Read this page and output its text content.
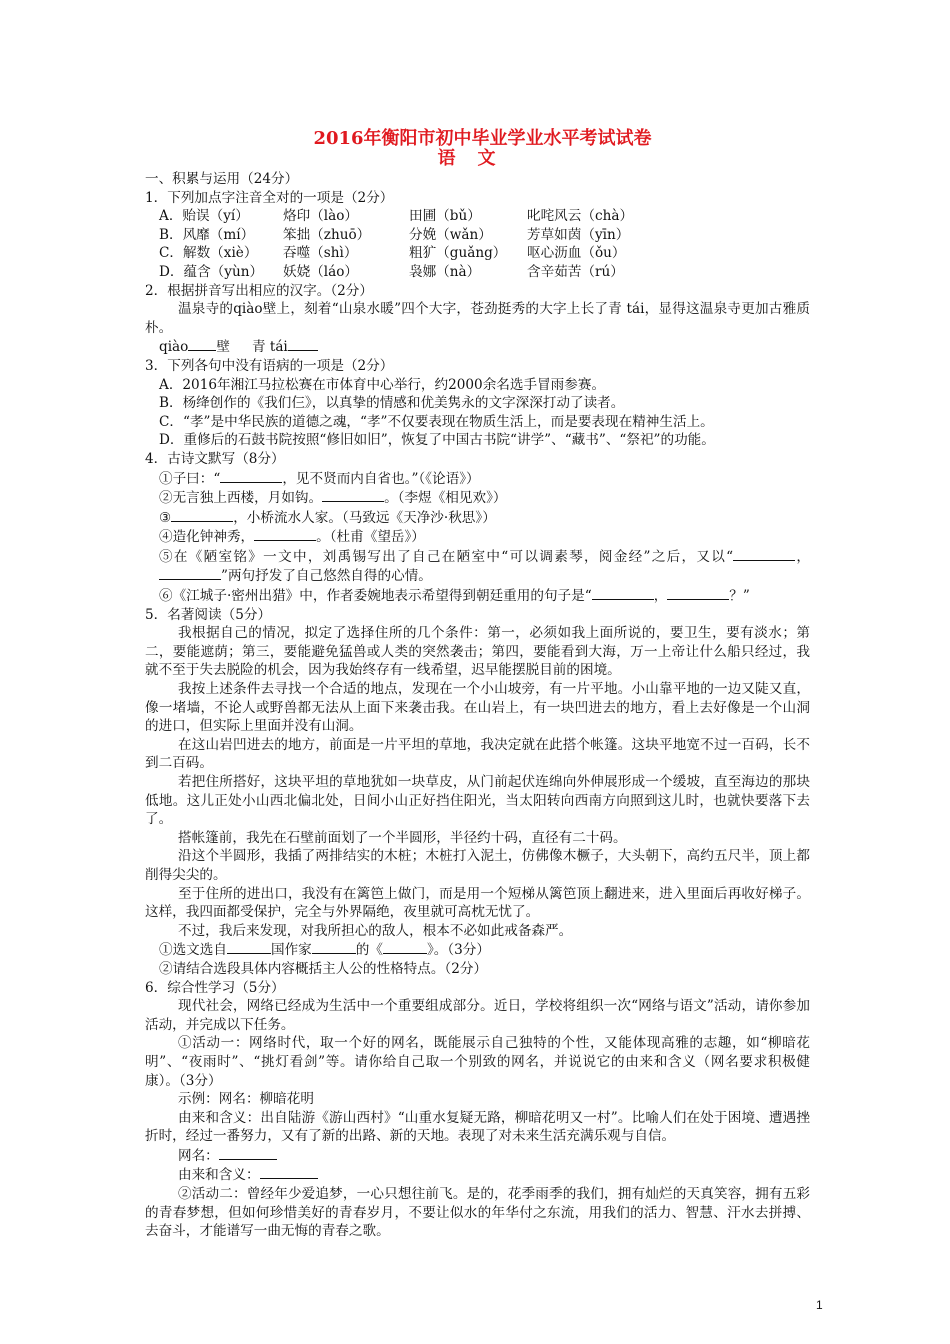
2016年衡阳市初中毕业学业水平考试试卷
语文

一、积累与运用（24分）

1．下列加点字注音全对的一项是（2分）

A．贻误（yí）	烙印（lào）	田圃（bǔ）	叱咤风云（chà）
B．风靡（mí）	笨拙（zhuō）	分娩（wǎn）	芳草如茵（yīn）
C．解数（xiè）	吞噬（shì）	粗犷（guǎng）	呕心沥血（ǒu）
D．蕴含（yùn）	妖娆（láo）	袅娜（nà）	含辛茹苦（rú）

2．根据拼音写出相应的汉字。（2分）

温泉寺的qiào壁上，刻着“山泉水暖”四个大字，苍劲挺秀的大字上长了青 tái，显得这温泉寺更加古雅质朴。

qiào 壁 青 tái

3．下列各句中没有语病的一项是（2分）

A．2016年湘江马拉松赛在市体育中心举行，约2000余名选手冒雨参赛。

B．杨绛创作的《我们仨》，以真挚的情感和优美隽永的文字深深打动了读者。

C．“孝”是中华民族的道德之魂，“孝”不仅要表现在物质生活上，而是要表现在精神生活上。

D．重修后的石鼓书院按照“修旧如旧”，恢复了中国古书院“讲学”、“藏书”、“祭祀”的功能。

4．古诗文默写（8分）

①子曰：“	，见不贤而内自省也。”（《论语》）

②无言独上西楼，月如钩。	。（李煜《相见欢》）

③	，小桥流水人家。（马致远《天净沙·秋思》）

④造化钟神秀，	。（杜甫《望岳》）

⑤在《陋室铭》一文中，刘禹锡写出了自己在陋室中“可以调素琴，阅金经”之后，又以“	，”两句抒发了自己悠然自得的心情。

⑥《江城子·密州出猎》中，作者委婉地表示希望得到朝廷重用的句子是“	，	？”

5．名著阅读（5分）

我根据自己的情况，拟定了选择住所的几个条件：第一，必须如我上面所说的，要卫生，要有淡水；第二，要能遮荫；第三，要能避免猛兽或人类的突然袭击；第四，要能看到大海，万一上帝让什么船只经过，我就不至于失去脱险的机会，因为我始终存有一线希望，迟早能摆脱目前的困境。

我按上述条件去寻找一个合适的地点，发现在一个小山坡旁，有一片平地。小山靠平地的一边又陡又直，像一堵墙，不论人或野兽都无法从上面下来袭击我。在山岩上，有一块凹进去的地方，看上去好像是一个山洞的进口，但实际上里面并没有山洞。

在这山岩凹进去的地方，前面是一片平坦的草地，我决定就在此搭个帐篷。这块平地宽不过一百码，长不到二百码。

若把住所搭好，这块平坦的草地犹如一块草皮，从门前起伏连绵向外伸展形成一个缓坡，直至海边的那块低地。这儿正处小山西北偏北处，日间小山正好挡住阳光，当太阳转向西南方向照到这儿时，也就快要落下去了。

搭帐篷前，我先在石壁前面划了一个半圆形，半径约十码，直径有二十码。

沿这个半圆形，我插了两排结实的木桩；木桩打入泥土，仿佛像木橛子，大头朝下，高约五尺半，顶上都削得尖尖的。

至于住所的进出口，我没有在篱笆上做门，而是用一个短梯从篱笆顶上翻进来，进入里面后再收好梯子。这样，我四面都受保护，完全与外界隔绝，夜里就可高枕无忧了。

不过，我后来发现，对我所担心的敌人，根本不必如此戒备森严。

①选文选自	国作家	的《	》。（3分）

②请结合选段具体内容概括主人公的性格特点。（2分）

6．综合性学习（5分）

现代社会，网络已经成为生活中一个重要组成部分。近日，学校将组织一次“网络与语文”活动，请你参加活动，并完成以下任务。

①活动一：网络时代，取一个好的网名，既能展示自己独特的个性，又能体现高雅的志趣，如“柳暗花明”、“夜雨时”、“挑灯看剑”等。请你给自己取一个别致的网名，并说说它的由来和含义（网名要求积极健康）。（3分）

示例：网名：柳暗花明

由来和含义：出自陆游《游山西村》“山重水复疑无路，柳暗花明又一村”。比喻人们在处于困境、遭遇挫折时，经过一番努力，又有了新的出路、新的天地。表现了对未来生活充满乐观与自信。

网名：

由来和含义：

②活动二：曾经年少爱追梦，一心只想往前飞。是的，花季雨季的我们，拥有灿烂的天真笑容，拥有五彩的青春梦想，但如何珍惜美好的青春岁月，不要让似水的年华付之东流，用我们的活力、智慧、汗水去拼搏、去奋斗，才能谱写一曲无悔的青春之歌。

1
